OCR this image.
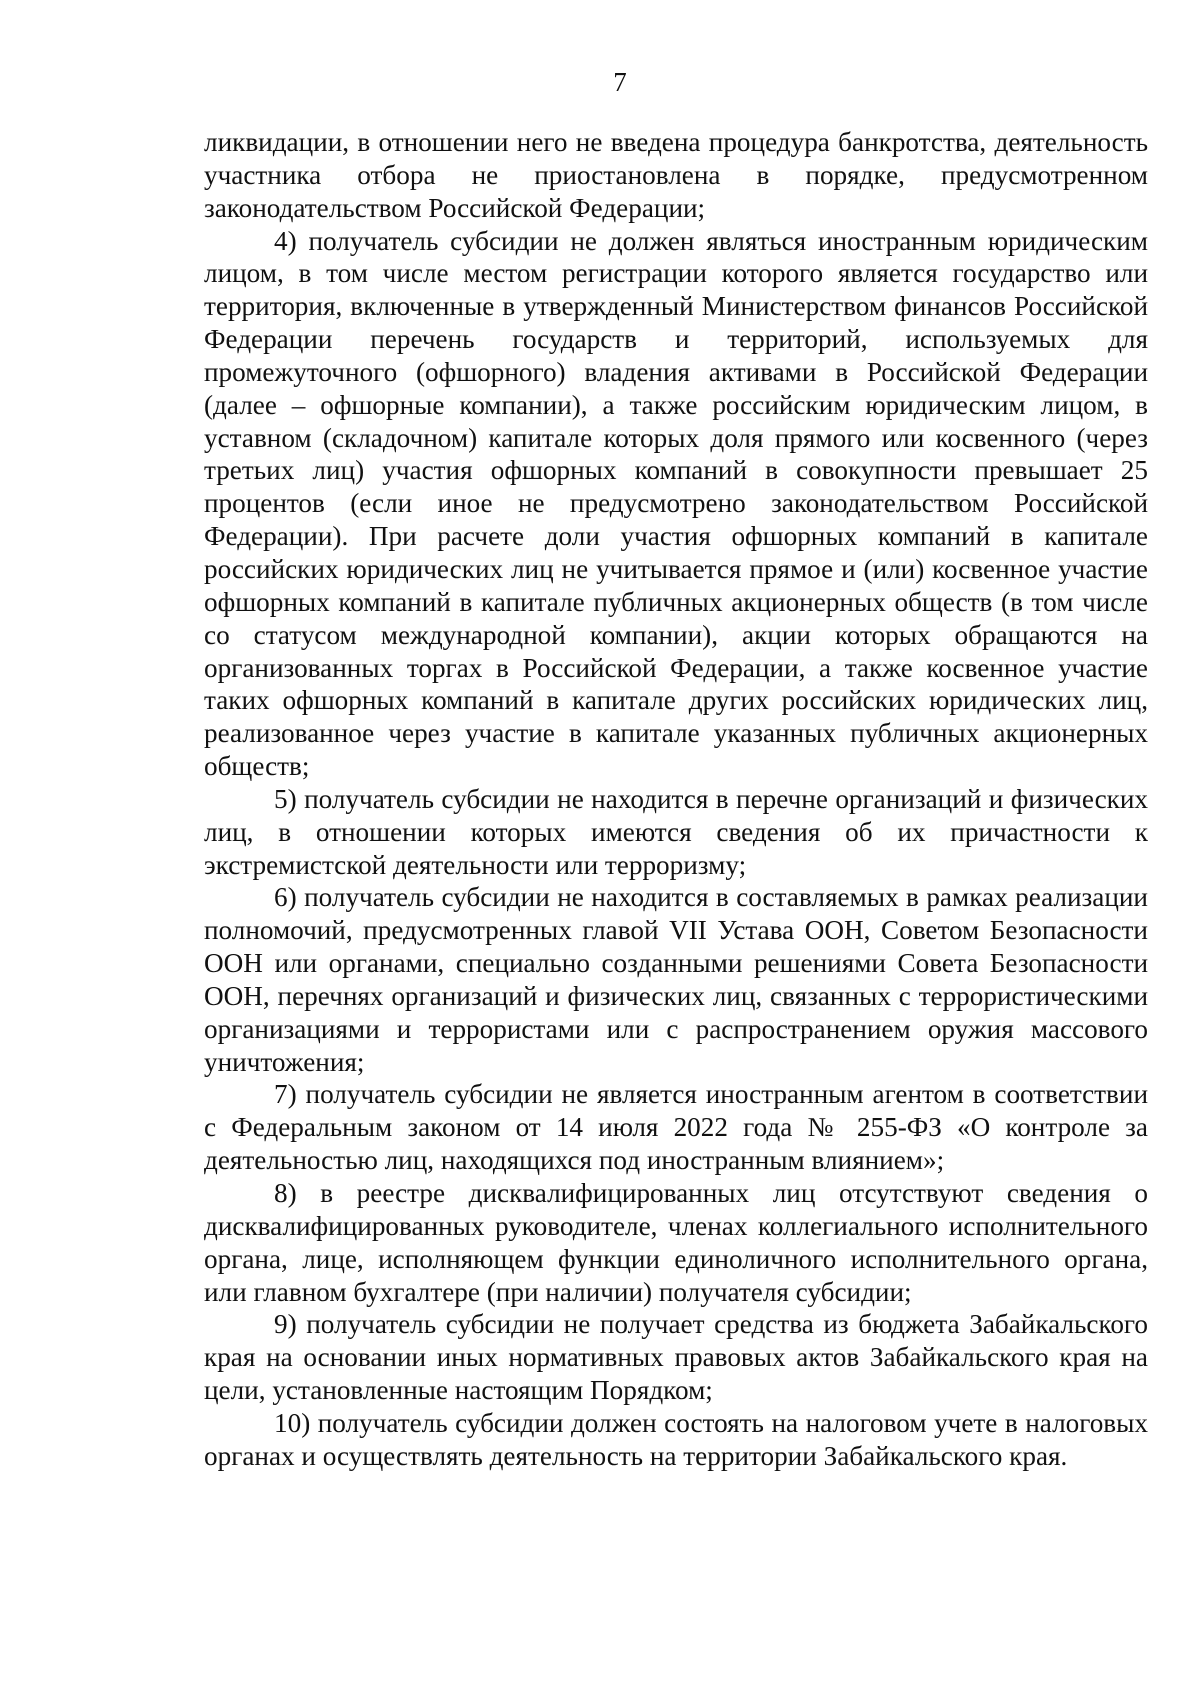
7

ликвидации, в отношении него не введена процедура банкротства, деятельность участника отбора не приостановлена в порядке, предусмотренном законодательством Российской Федерации;

4) получатель субсидии не должен являться иностранным юридическим лицом, в том числе местом регистрации которого является государство или территория, включенные в утвержденный Министерством финансов Российской Федерации перечень государств и территорий, используемых для промежуточного (офшорного) владения активами в Российской Федерации (далее – офшорные компании), а также российским юридическим лицом, в уставном (складочном) капитале которых доля прямого или косвенного (через третьих лиц) участия офшорных компаний в совокупности превышает 25 процентов (если иное не предусмотрено законодательством Российской Федерации). При расчете доли участия офшорных компаний в капитале российских юридических лиц не учитывается прямое и (или) косвенное участие офшорных компаний в капитале публичных акционерных обществ (в том числе со статусом международной компании), акции которых обращаются на организованных торгах в Российской Федерации, а также косвенное участие таких офшорных компаний в капитале других российских юридических лиц, реализованное через участие в капитале указанных публичных акционерных обществ;

5) получатель субсидии не находится в перечне организаций и физических лиц, в отношении которых имеются сведения об их причастности к экстремистской деятельности или терроризму;

6) получатель субсидии не находится в составляемых в рамках реализации полномочий, предусмотренных главой VII Устава ООН, Советом Безопасности ООН или органами, специально созданными решениями Совета Безопасности ООН, перечнях организаций и физических лиц, связанных с террористическими организациями и террористами или с распространением оружия массового уничтожения;

7) получатель субсидии не является иностранным агентом в соответствии с Федеральным законом от 14 июля 2022 года № 255-ФЗ «О контроле за деятельностью лиц, находящихся под иностранным влиянием»;

8) в реестре дисквалифицированных лиц отсутствуют сведения о дисквалифицированных руководителе, членах коллегиального исполнительного органа, лице, исполняющем функции единоличного исполнительного органа, или главном бухгалтере (при наличии) получателя субсидии;

9) получатель субсидии не получает средства из бюджета Забайкальского края на основании иных нормативных правовых актов Забайкальского края на цели, установленные настоящим Порядком;

10) получатель субсидии должен состоять на налоговом учете в налоговых органах и осуществлять деятельность на территории Забайкальского края.
